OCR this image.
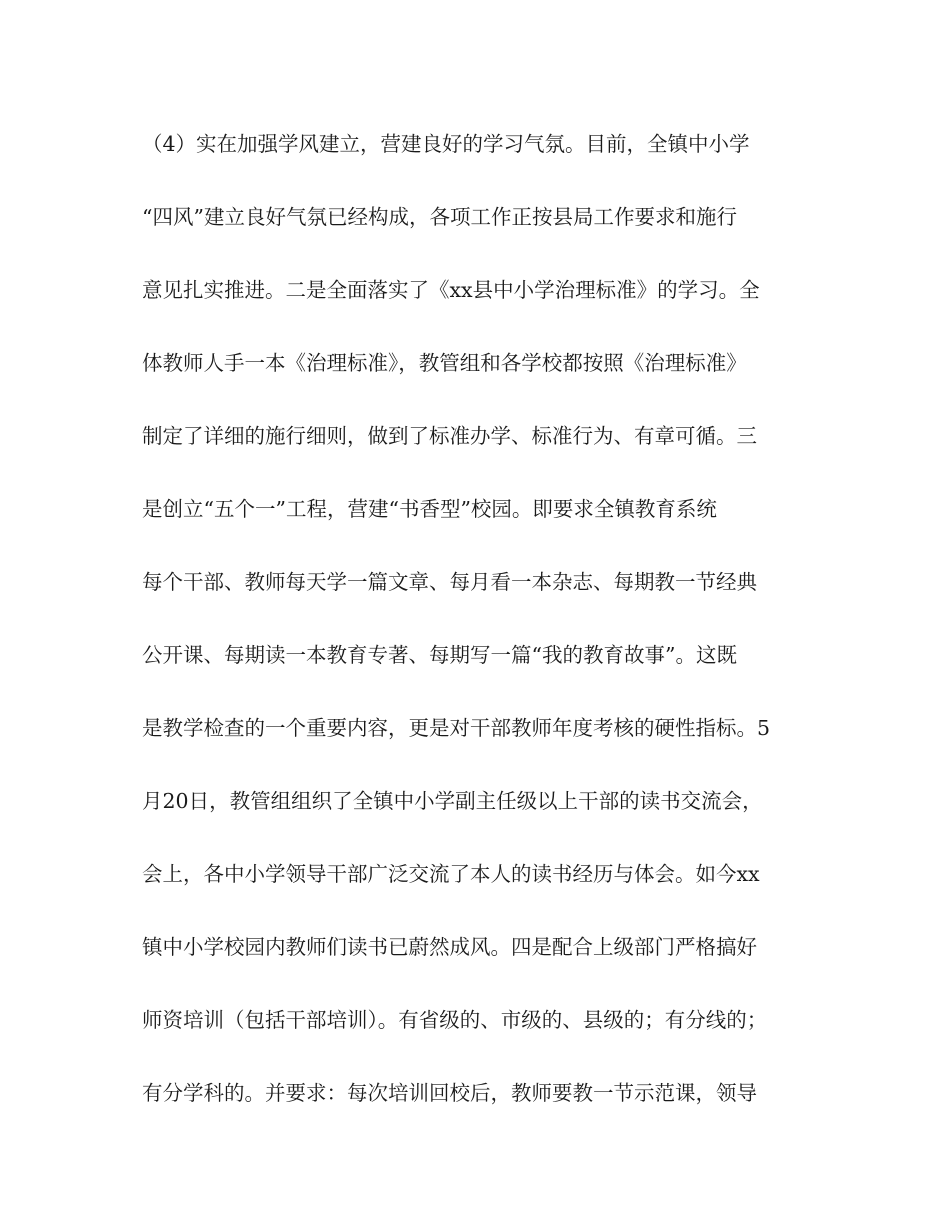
（4）实在加强学风建立，营建良好的学习气氛。目前，全镇中小学
“四风”建立良好气氛已经构成，各项工作正按县局工作要求和施行
意见扎实推进。二是全面落实了《xx县中小学治理标准》的学习。全
体教师人手一本《治理标准》，教管组和各学校都按照《治理标准》
制定了详细的施行细则，做到了标准办学、标准行为、有章可循。三
是创立“五个一”工程，营建“书香型”校园。即要求全镇教育系统
每个干部、教师每天学一篇文章、每月看一本杂志、每期教一节经典
公开课、每期读一本教育专著、每期写一篇“我的教育故事”。这既
是教学检查的一个重要内容，更是对干部教师年度考核的硬性指标。5
月20日，教管组组织了全镇中小学副主任级以上干部的读书交流会，
会上，各中小学领导干部广泛交流了本人的读书经历与体会。如今xx
镇中小学校园内教师们读书已蔚然成风。四是配合上级部门严格搞好
师资培训（包括干部培训）。有省级的、市级的、县级的；有分线的；
有分学科的。并要求：每次培训回校后，教师要教一节示范课，领导
